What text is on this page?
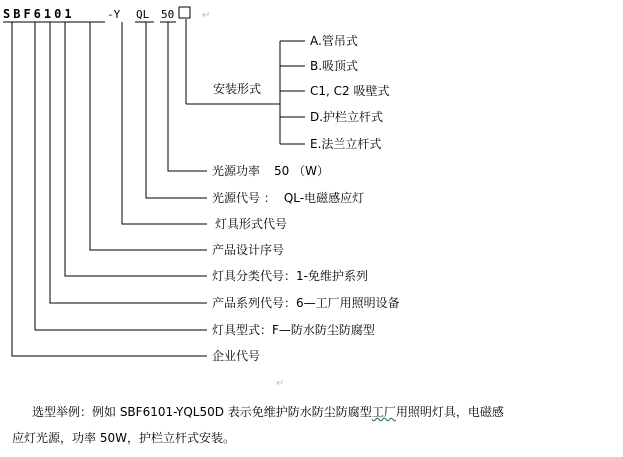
SBF6101	-Y QL 50	↵
安装形式
A.管吊式
B.吸顶式
C1, C2 吸壁式
D.护栏立杆式
E.法兰立杆式
光源功率 50 （W）
光源代号 ： QL-电磁感应灯
灯具形式代号
产品设计序号
灯具分类代号：1-免维护系列
产品系列代号：6—工厂用照明设备
灯具型式：F—防水防尘防腐型
企业代号
↵

选型举例：例如 SBF6101-YQL50D 表示免维护防水防尘防腐型工厂用照明灯具，电磁感

应灯光源，功率 50W，护栏立杆式安装。
